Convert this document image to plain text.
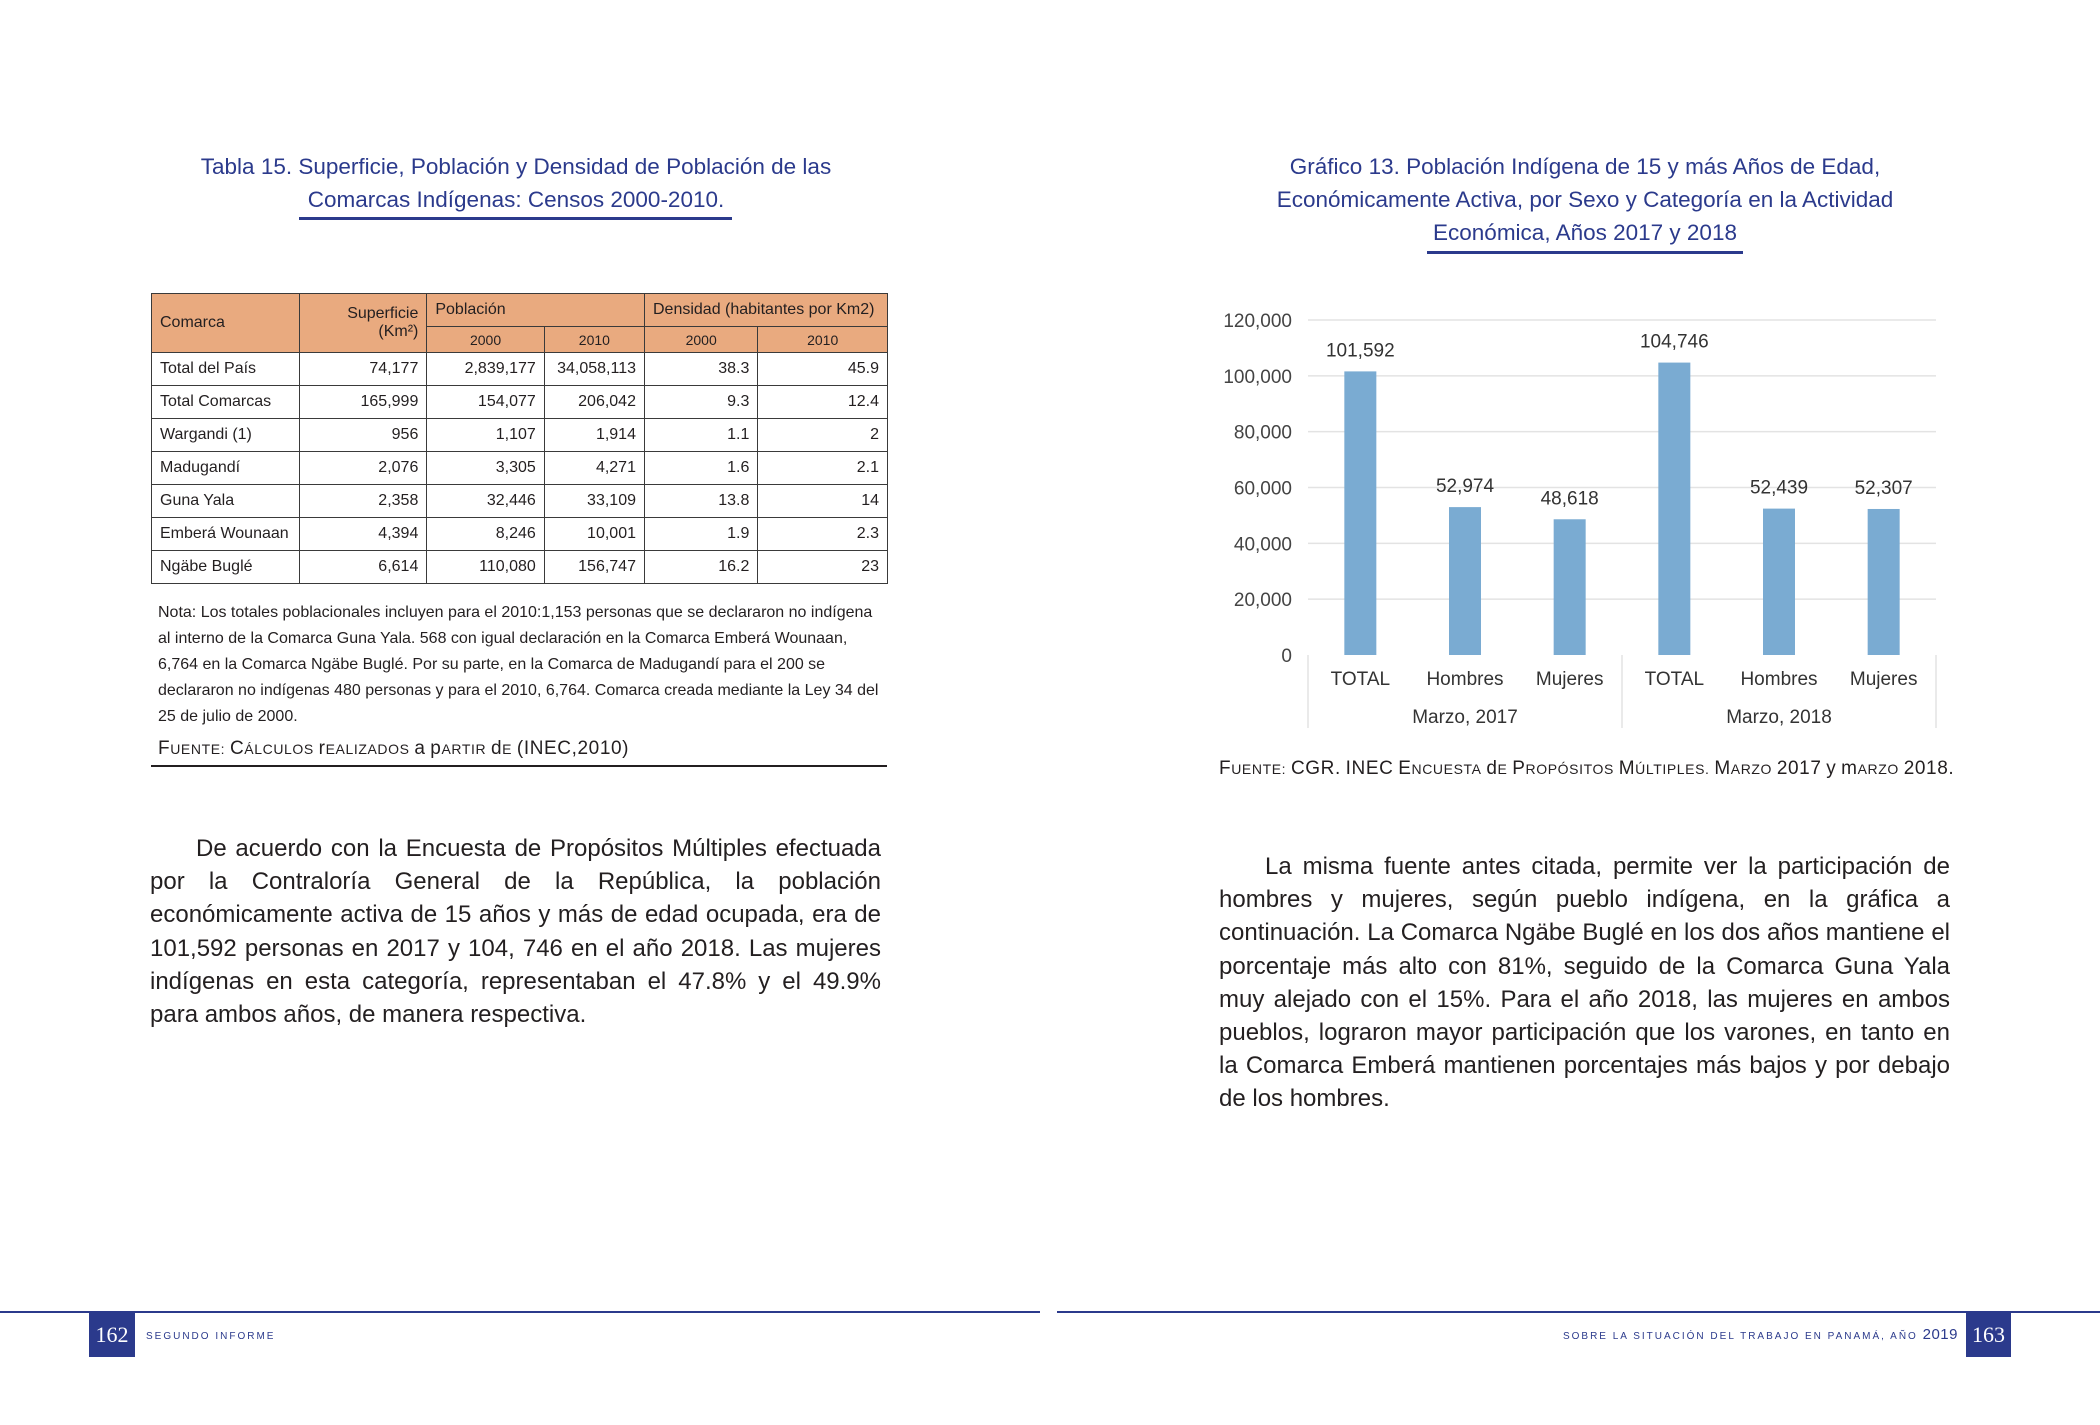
Tabla 15. Superficie, Población y Densidad de Población de las
Comarcas Indígenas: Censos 2000-2010.
Comarca	Superficie (Km²)	Población		Densidad (habitantes por Km2)	
		2000	2010	2000	2010
Total del País	74,177	2,839,177	34,058,113	38.3	45.9
Total Comarcas	165,999	154,077	206,042	9.3	12.4
Wargandi (1)	956	1,107	1,914	1.1	2
Madugandí	2,076	3,305	4,271	1.6	2.1
Guna Yala	2,358	32,446	33,109	13.8	14
Emberá Wounaan	4,394	8,246	10,001	1.9	2.3
Ngäbe Buglé	6,614	110,080	156,747	16.2	23
Nota: Los totales poblacionales incluyen para el 2010:1,153 personas que se declararon no indígena al interno de la Comarca Guna Yala. 568 con igual declaración en la Comarca Emberá Wounaan, 6,764 en la Comarca Ngäbe Buglé. Por su parte, en la Comarca de Madugandí para el 200 se declararon no indígenas 480 personas y para el 2010, 6,764. Comarca creada mediante la Ley 34 del 25 de julio de 2000.
FUENTE: CÁLCULOS rEALIZADOS a pARTIR dE (INEC,2010)

De acuerdo con la Encuesta de Propósitos Múltiples efectuada por la Contraloría General de la República, la población económicamente activa de 15 años y más de edad ocupada, era de 101,592 personas en 2017 y 104, 746 en el año 2018. Las mujeres indígenas en esta categoría, representaban el 47.8% y el 49.9% para ambos años, de manera respectiva.

Gráfico 13. Población Indígena de 15 y más Años de Edad,
Económicamente Activa, por Sexo y Categoría en la Actividad
Económica, Años 2017 y 2018
0
20,000
40,000
60,000
80,000
100,000
120,000
101,592
52,974
48,618
104,746
52,439 52,307
TOTAL Hombres Mujeres TOTAL Hombres Mujeres
Marzo, 2017	Marzo, 2018
FUENTE: CGR. INEC ENCUESTA dE PROPÓSITOS MÚLTIPLES. MARZO 2017 y mARZO 2018.

La misma fuente antes citada, permite ver la participación de hombres y mujeres, según pueblo indígena, en la gráfica a continuación. La Comarca Ngäbe Buglé en los dos años mantiene el porcentaje más alto con 81%, seguido de la Comarca Guna Yala muy alejado con el 15%. Para el año 2018, las mujeres en ambos pueblos, lograron mayor participación que los varones, en tanto en la Comarca Emberá mantienen porcentajes más bajos y por debajo de los hombres.

162	SEGUNDO INFORME	SOBRE LA SITUACIÓN DEL TRABAJO EN PANAMÁ, AÑO 2019 163
